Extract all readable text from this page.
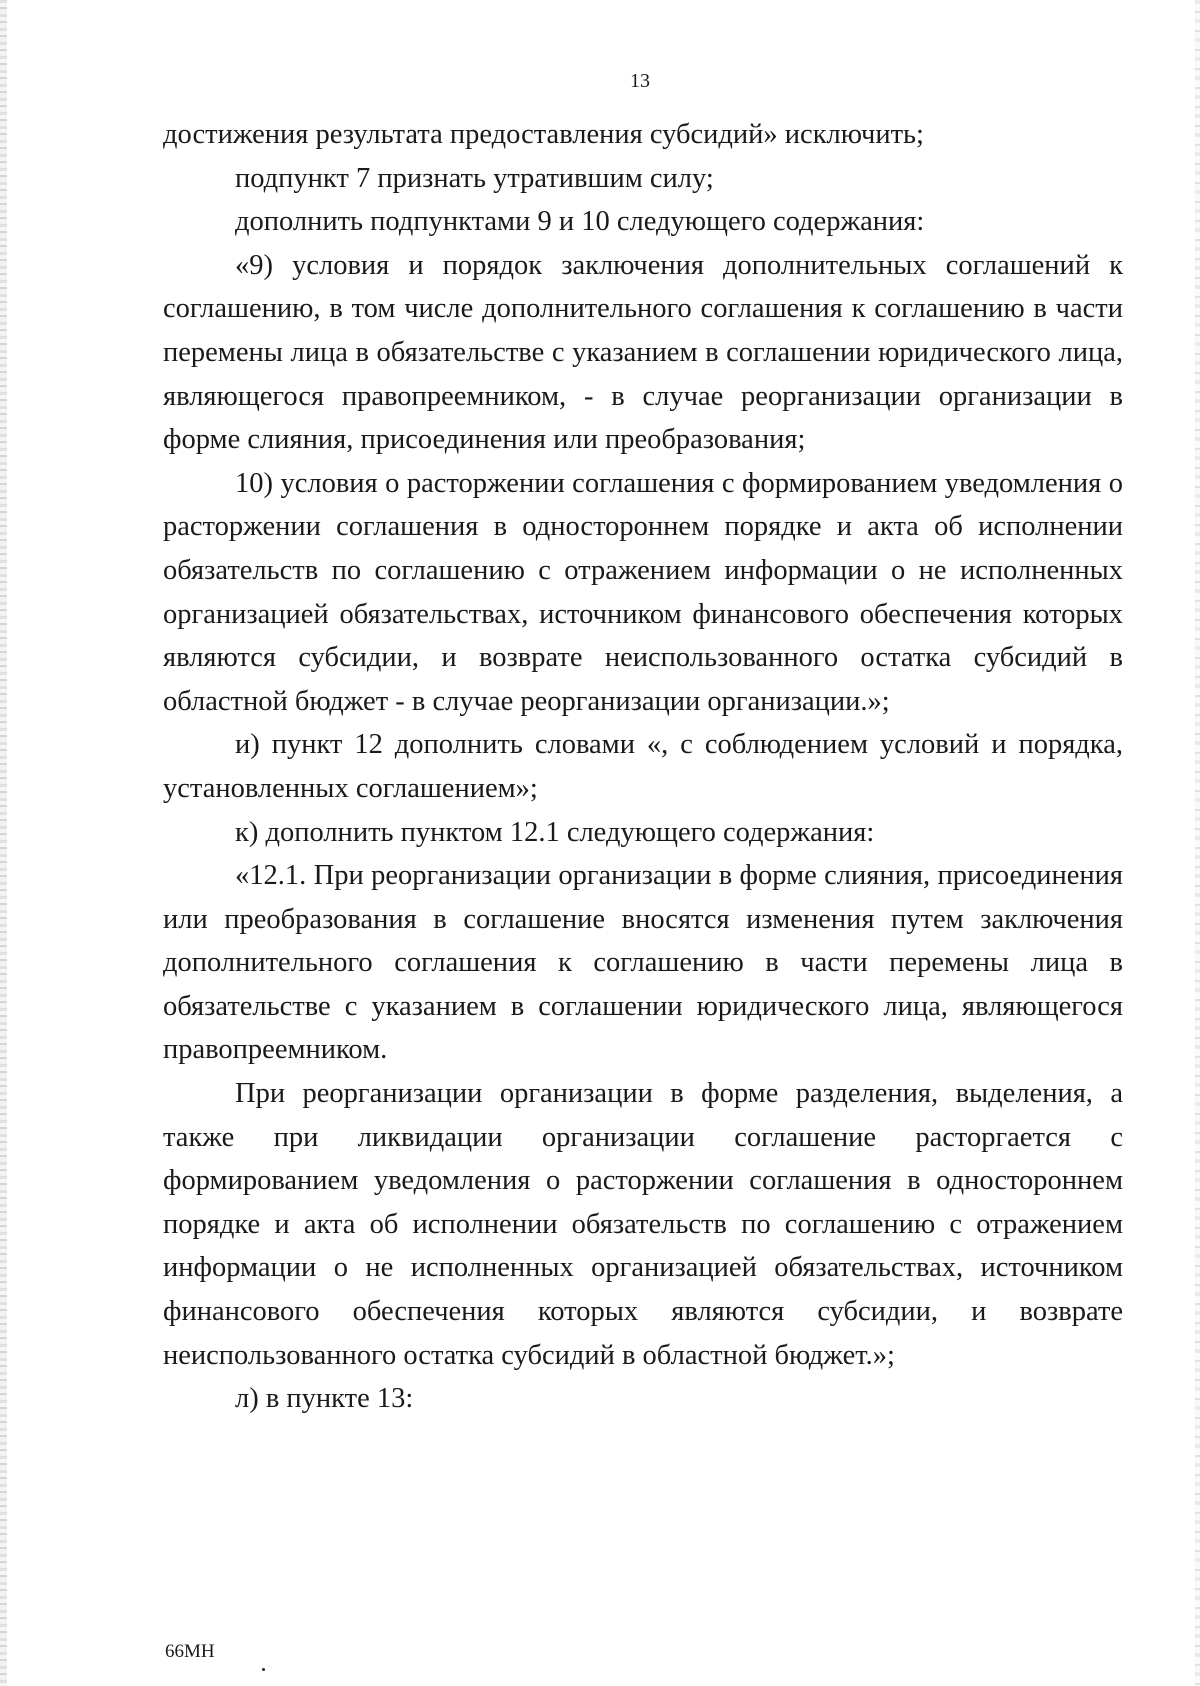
13

достижения результата предоставления субсидий» исключить;

подпункт 7 признать утратившим силу;

дополнить подпунктами 9 и 10 следующего содержания:

«9) условия и порядок заключения дополнительных соглашений к соглашению, в том числе дополнительного соглашения к соглашению в части перемены лица в обязательстве с указанием в соглашении юридического лица, являющегося правопреемником, - в случае реорганизации организации в форме слияния, присоединения или преобразования;

10) условия о расторжении соглашения с формированием уведомления о расторжении соглашения в одностороннем порядке и акта об исполнении обязательств по соглашению с отражением информации о не исполненных организацией обязательствах, источником финансового обеспечения которых являются субсидии, и возврате неиспользованного остатка субсидий в областной бюджет - в случае реорганизации организации.»;

и) пункт 12 дополнить словами «, с соблюдением условий и порядка, установленных соглашением»;

к) дополнить пунктом 12.1 следующего содержания:

«12.1. При реорганизации организации в форме слияния, присоединения или преобразования в соглашение вносятся изменения путем заключения дополнительного соглашения к соглашению в части перемены лица в обязательстве с указанием в соглашении юридического лица, являющегося правопреемником.

При реорганизации организации в форме разделения, выделения, а также при ликвидации организации соглашение расторгается с формированием уведомления о расторжении соглашения в одностороннем порядке и акта об исполнении обязательств по соглашению с отражением информации о не исполненных организацией обязательствах, источником финансового обеспечения которых являются субсидии, и возврате неиспользованного остатка субсидий в областной бюджет.»;

л) в пункте 13:

66МН
